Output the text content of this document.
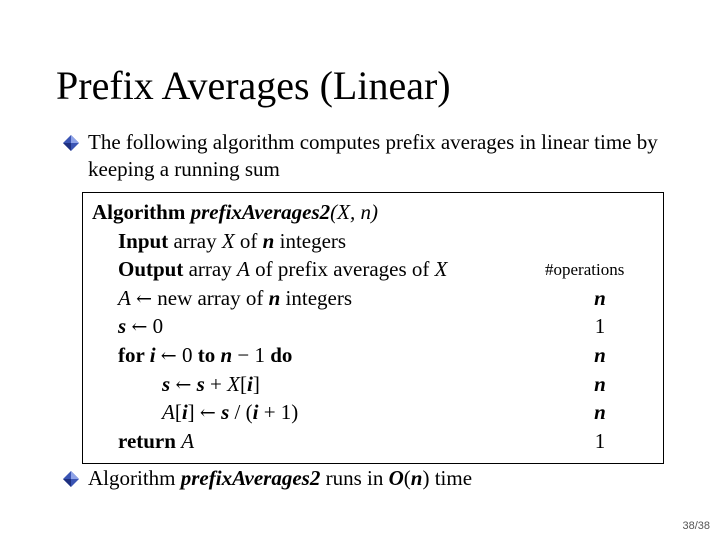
Prefix Averages (Linear)
The following algorithm computes prefix averages in linear time by keeping a running sum
Algorithm prefixAverages2(X, n)
Input array X of n integers
Output array A of prefix averages of X
A ← new array of n integers
s ← 0
for i ← 0 to n − 1 do
s ← s + X[i]
A[i] ← s / (i + 1)
return A
#operations
n
1
n
n
n
1
Algorithm prefixAverages2 runs in O(n) time
38/38
